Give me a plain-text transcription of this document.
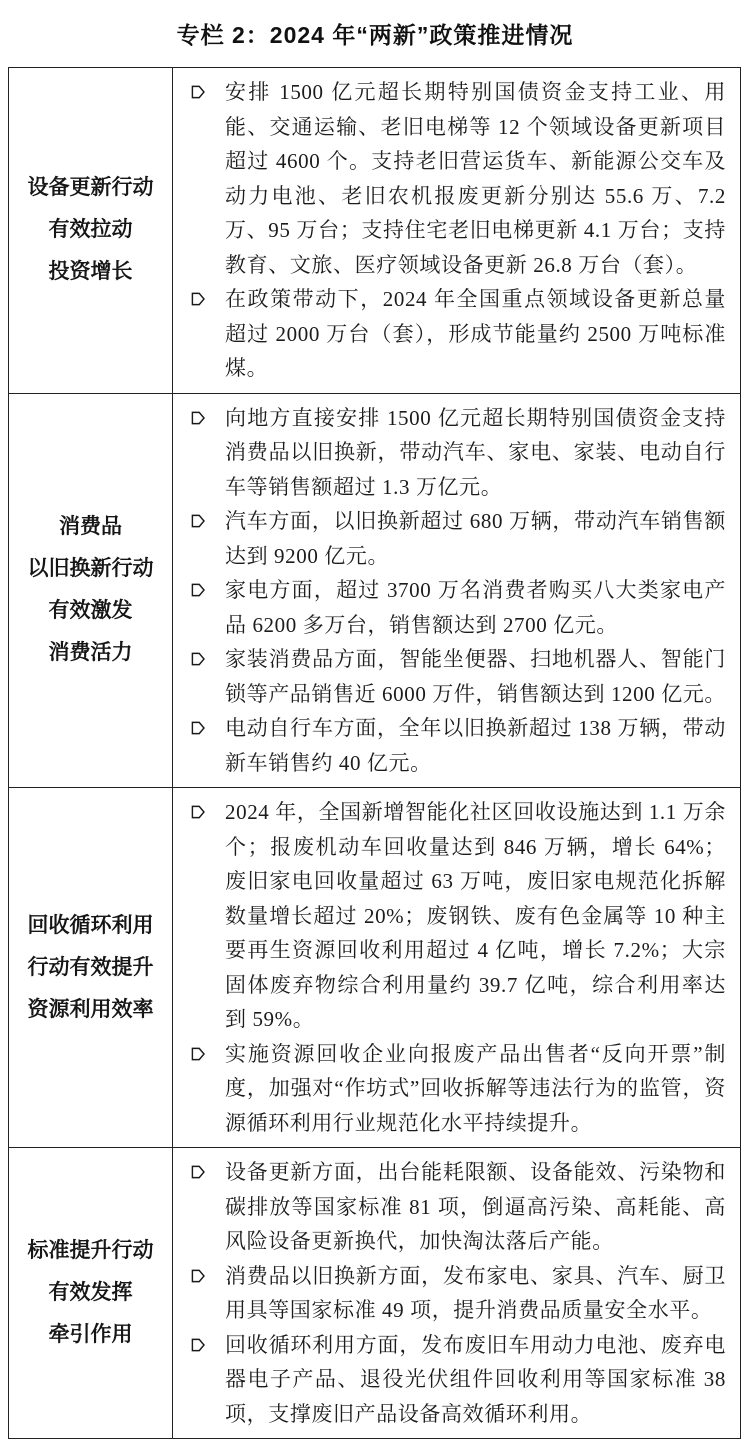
专栏 2：2024 年“两新”政策推进情况
设备更新行动
有效拉动
投资增长

安排 1500 亿元超长期特别国债资金支持工业、用能、交通运输、老旧电梯等 12 个领域设备更新项目超过 4600 个。支持老旧营运货车、新能源公交车及动力电池、老旧农机报废更新分别达 55.6 万、7.2 万、95 万台；支持住宅老旧电梯更新 4.1 万台；支持教育、文旅、医疗领域设备更新 26.8 万台（套）。

在政策带动下，2024 年全国重点领域设备更新总量超过 2000 万台（套），形成节能量约 2500 万吨标准煤。

消费品
以旧换新行动
有效激发
消费活力

向地方直接安排 1500 亿元超长期特别国债资金支持消费品以旧换新，带动汽车、家电、家装、电动自行车等销售额超过 1.3 万亿元。

汽车方面，以旧换新超过 680 万辆，带动汽车销售额达到 9200 亿元。

家电方面，超过 3700 万名消费者购买八大类家电产品 6200 多万台，销售额达到 2700 亿元。

家装消费品方面，智能坐便器、扫地机器人、智能门锁等产品销售近 6000 万件，销售额达到 1200 亿元。

电动自行车方面，全年以旧换新超过 138 万辆，带动新车销售约 40 亿元。

回收循环利用
行动有效提升
资源利用效率

2024 年，全国新增智能化社区回收设施达到 1.1 万余个；报废机动车回收量达到 846 万辆，增长 64%；废旧家电回收量超过 63 万吨，废旧家电规范化拆解数量增长超过 20%；废钢铁、废有色金属等 10 种主要再生资源回收利用超过 4 亿吨，增长 7.2%；大宗固体废弃物综合利用量约 39.7 亿吨，综合利用率达到 59%。

实施资源回收企业向报废产品出售者“反向开票”制度，加强对“作坊式”回收拆解等违法行为的监管，资源循环利用行业规范化水平持续提升。

标准提升行动
有效发挥
牵引作用

设备更新方面，出台能耗限额、设备能效、污染物和碳排放等国家标准 81 项，倒逼高污染、高耗能、高风险设备更新换代，加快淘汰落后产能。

消费品以旧换新方面，发布家电、家具、汽车、厨卫用具等国家标准 49 项，提升消费品质量安全水平。

回收循环利用方面，发布废旧车用动力电池、废弃电器电子产品、退役光伏组件回收利用等国家标准 38 项，支撑废旧产品设备高效循环利用。
